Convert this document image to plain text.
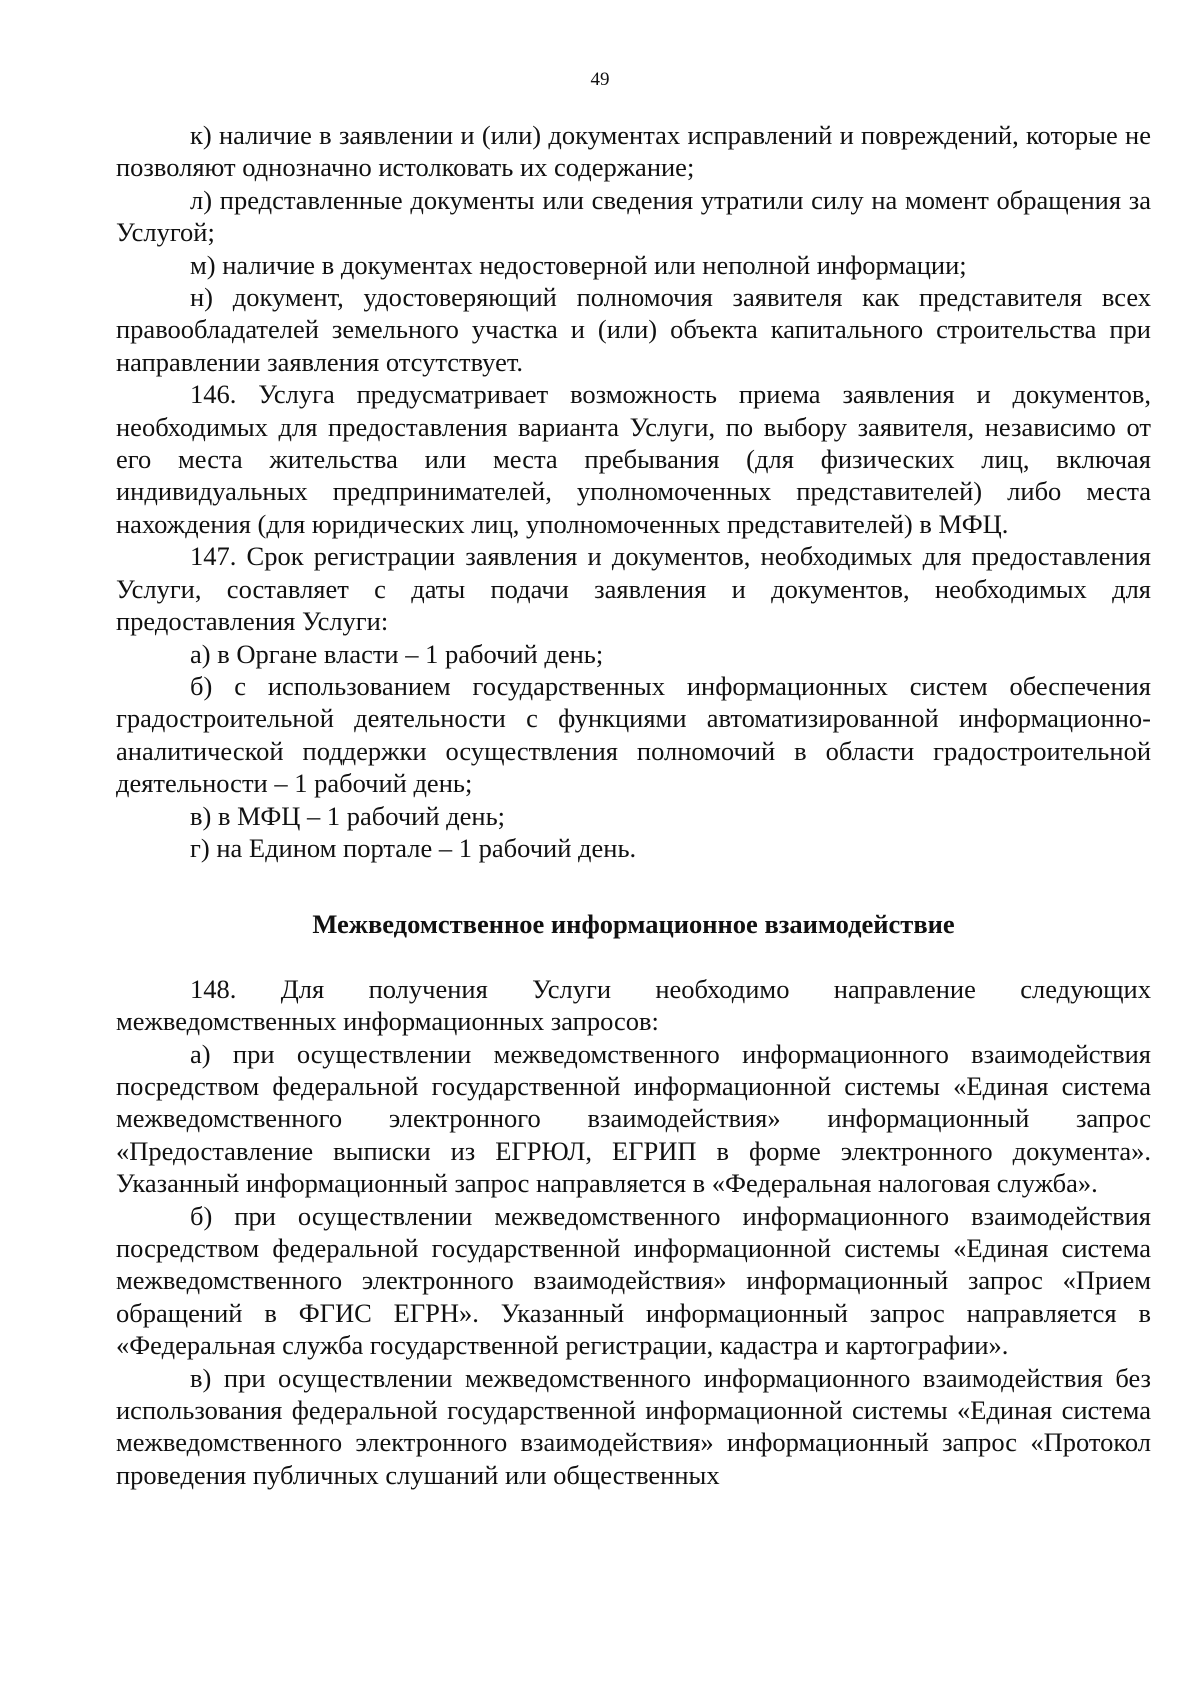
49

к) наличие в заявлении и (или) документах исправлений и повреждений, которые не позволяют однозначно истолковать их содержание;

л) представленные документы или сведения утратили силу на момент обращения за Услугой;

м) наличие в документах недостоверной или неполной информации;

н) документ, удостоверяющий полномочия заявителя как представителя всех правообладателей земельного участка и (или) объекта капитального строительства при направлении заявления отсутствует.

146. Услуга предусматривает возможность приема заявления и документов, необходимых для предоставления варианта Услуги, по выбору заявителя, независимо от его места жительства или места пребывания (для физических лиц, включая индивидуальных предпринимателей, уполномоченных представителей) либо места нахождения (для юридических лиц, уполномоченных представителей) в МФЦ.

147. Срок регистрации заявления и документов, необходимых для предоставления Услуги, составляет с даты подачи заявления и документов, необходимых для предоставления Услуги:

а) в Органе власти – 1 рабочий день;

б) с использованием государственных информационных систем обеспечения градостроительной деятельности с функциями автоматизированной информационно-аналитической поддержки осуществления полномочий в области градостроительной деятельности – 1 рабочий день;

в) в МФЦ – 1 рабочий день;

г) на Едином портале – 1 рабочий день.

Межведомственное информационное взаимодействие

148. Для получения Услуги необходимо направление следующих межведомственных информационных запросов:

а) при осуществлении межведомственного информационного взаимодействия посредством федеральной государственной информационной системы «Единая система межведомственного электронного взаимодействия» информационный запрос «Предоставление выписки из ЕГРЮЛ, ЕГРИП в форме электронного документа». Указанный информационный запрос направляется в «Федеральная налоговая служба».

б) при осуществлении межведомственного информационного взаимодействия посредством федеральной государственной информационной системы «Единая система межведомственного электронного взаимодействия» информационный запрос «Прием обращений в ФГИС ЕГРН». Указанный информационный запрос направляется в «Федеральная служба государственной регистрации, кадастра и картографии».

в) при осуществлении межведомственного информационного взаимодействия без использования федеральной государственной информационной системы «Единая система межведомственного электронного взаимодействия» информационный запрос «Протокол проведения публичных слушаний или общественных
